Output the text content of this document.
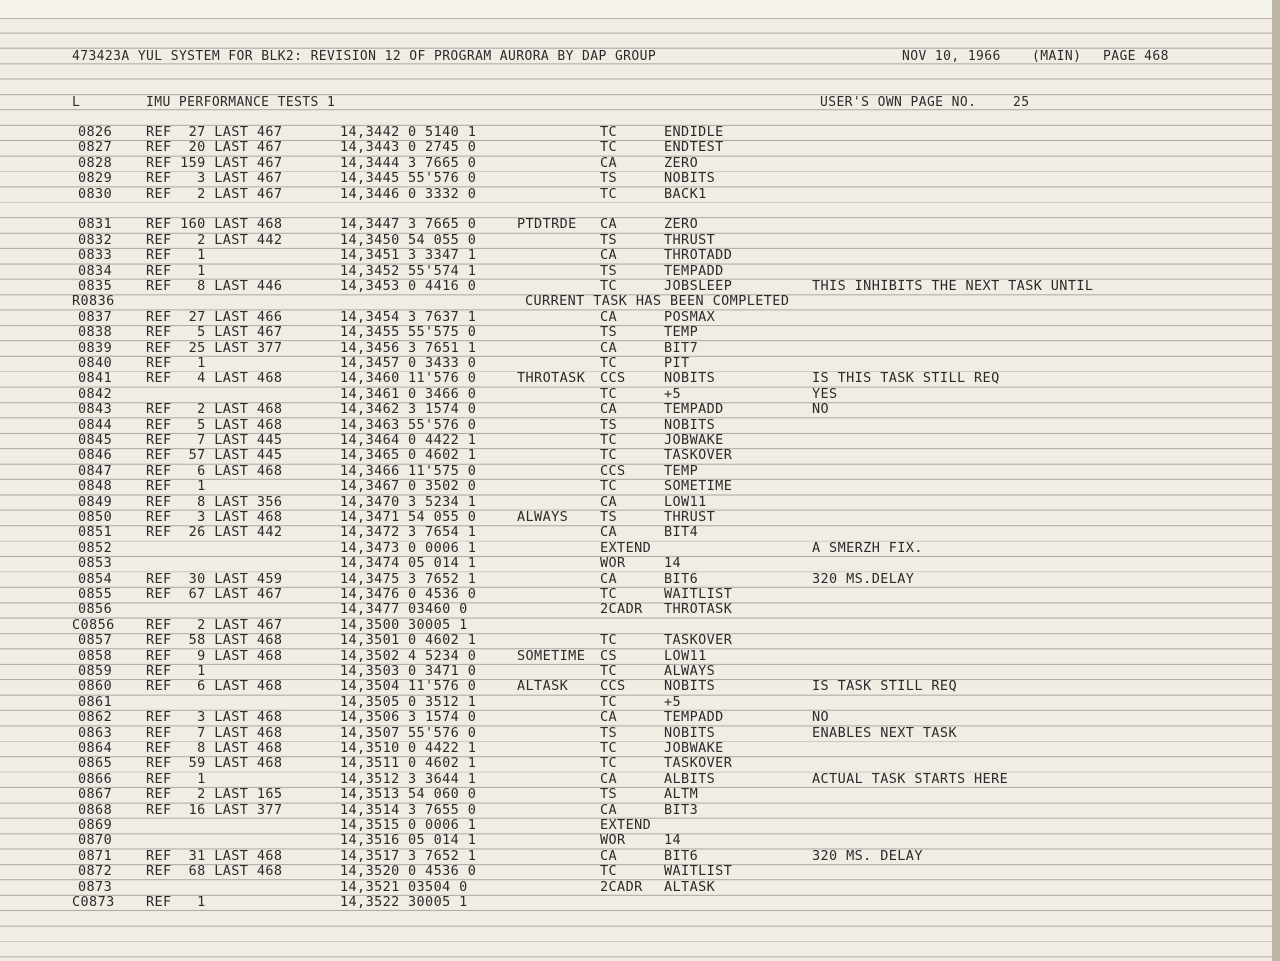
473423A YUL SYSTEM FOR BLK2: REVISION 12 OF PROGRAM AURORA BY DAP GROUP	NOV 10, 1966 (MAIN) PAGE 468
L	IMU PERFORMANCE TESTS 1	USER'S OWN PAGE NO.	25
0826	REF  27 LAST 467	14,3442 0 5140 1	TC	ENDIDLE
0827	REF  20 LAST 467	14,3443 0 2745 0	TC	ENDTEST
0828	REF 159 LAST 467	14,3444 3 7665 0	CA	ZERO
0829	REF   3 LAST 467	14,3445 55'576 0	TS	NOBITS
0830	REF   2 LAST 467	14,3446 0 3332 0	TC	BACK1
0831	REF 160 LAST 468	14,3447 3 7665 0	PTDTRDE CA	ZERO
0832	REF   2 LAST 442	14,3450 54 055 0	TS	THRUST
0833	REF   1	14,3451 3 3347 1	CA	THROTADD
0834	REF   1	14,3452 55'574 1	TS	TEMPADD
0835	REF   8 LAST 446	14,3453 0 4416 0	TC	JOBSLEEP	THIS INHIBITS THE NEXT TASK UNTIL
R0836	CURRENT TASK HAS BEEN COMPLETED
0837	REF  27 LAST 466	14,3454 3 7637 1	CA	POSMAX
0838	REF   5 LAST 467	14,3455 55'575 0	TS	TEMP
0839	REF  25 LAST 377	14,3456 3 7651 1	CA	BIT7
0840	REF   1	14,3457 0 3433 0	TC	PIT
0841	REF   4 LAST 468	14,3460 11'576 0	THROTASK CCS	NOBITS	IS THIS TASK STILL REQ
0842	14,3461 0 3466 0	TC	+5	YES
0843	REF   2 LAST 468	14,3462 3 1574 0	CA	TEMPADD	NO
0844	REF   5 LAST 468	14,3463 55'576 0	TS	NOBITS
0845	REF   7 LAST 445	14,3464 0 4422 1	TC	JOBWAKE
0846	REF  57 LAST 445	14,3465 0 4602 1	TC	TASKOVER
0847	REF   6 LAST 468	14,3466 11'575 0	CCS	TEMP
0848	REF   1	14,3467 0 3502 0	TC	SOMETIME
0849	REF   8 LAST 356	14,3470 3 5234 1	CA	LOW11
0850	REF   3 LAST 468	14,3471 54 055 0	ALWAYS TS	THRUST
0851	REF  26 LAST 442	14,3472 3 7654 1	CA	BIT4
0852	14,3473 0 0006 1	EXTEND	A SMERZH FIX.
0853	14,3474 05 014 1	WOR	14
0854	REF  30 LAST 459	14,3475 3 7652 1	CA	BIT6	320 MS.DELAY
0855	REF  67 LAST 467	14,3476 0 4536 0	TC	WAITLIST
0856	14,3477 03460 0	2CADR THROTASK
C0856 REF   2 LAST 467	14,3500 30005 1
0857	REF  58 LAST 468	14,3501 0 4602 1	TC	TASKOVER
0858	REF   9 LAST 468	14,3502 4 5234 0	SOMETIME CS	LOW11
0859	REF   1	14,3503 0 3471 0	TC	ALWAYS
0860	REF   6 LAST 468	14,3504 11'576 0	ALTASK CCS	NOBITS	IS TASK STILL REQ
0861	14,3505 0 3512 1	TC	+5
0862	REF   3 LAST 468	14,3506 3 1574 0	CA	TEMPADD	NO
0863	REF   7 LAST 468	14,3507 55'576 0	TS	NOBITS	ENABLES NEXT TASK
0864	REF   8 LAST 468	14,3510 0 4422 1	TC	JOBWAKE
0865	REF  59 LAST 468	14,3511 0 4602 1	TC	TASKOVER
0866	REF   1	14,3512 3 3644 1	CA	ALBITS	ACTUAL TASK STARTS HERE
0867	REF   2 LAST 165	14,3513 54 060 0	TS	ALTM
0868	REF  16 LAST 377	14,3514 3 7655 0	CA	BIT3
0869	14,3515 0 0006 1	EXTEND
0870	14,3516 05 014 1	WOR	14
0871	REF  31 LAST 468	14,3517 3 7652 1	CA	BIT6	320 MS. DELAY
0872	REF  68 LAST 468	14,3520 0 4536 0	TC	WAITLIST
0873	14,3521 03504 0	2CADR ALTASK
C0873 REF   1	14,3522 30005 1
